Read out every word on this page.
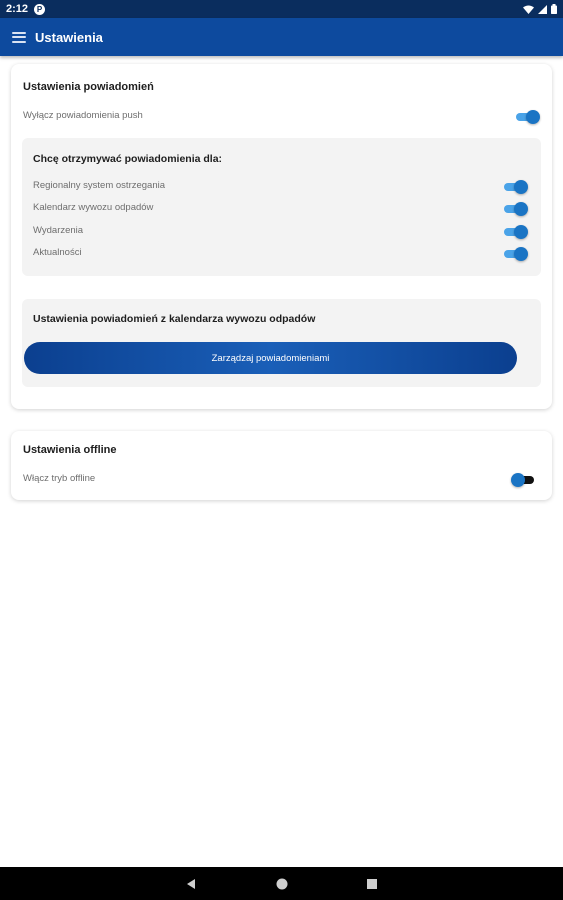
2:12	P
Ustawienia
Ustawienia powiadomień
Wyłącz powiadomienia push
Chcę otrzymywać powiadomienia dla:
Regionalny system ostrzegania
Kalendarz wywozu odpadów
Wydarzenia
Aktualności
Ustawienia powiadomień z kalendarza wywozu odpadów
Zarządzaj powiadomieniami
Ustawienia offline
Włącz tryb offline
